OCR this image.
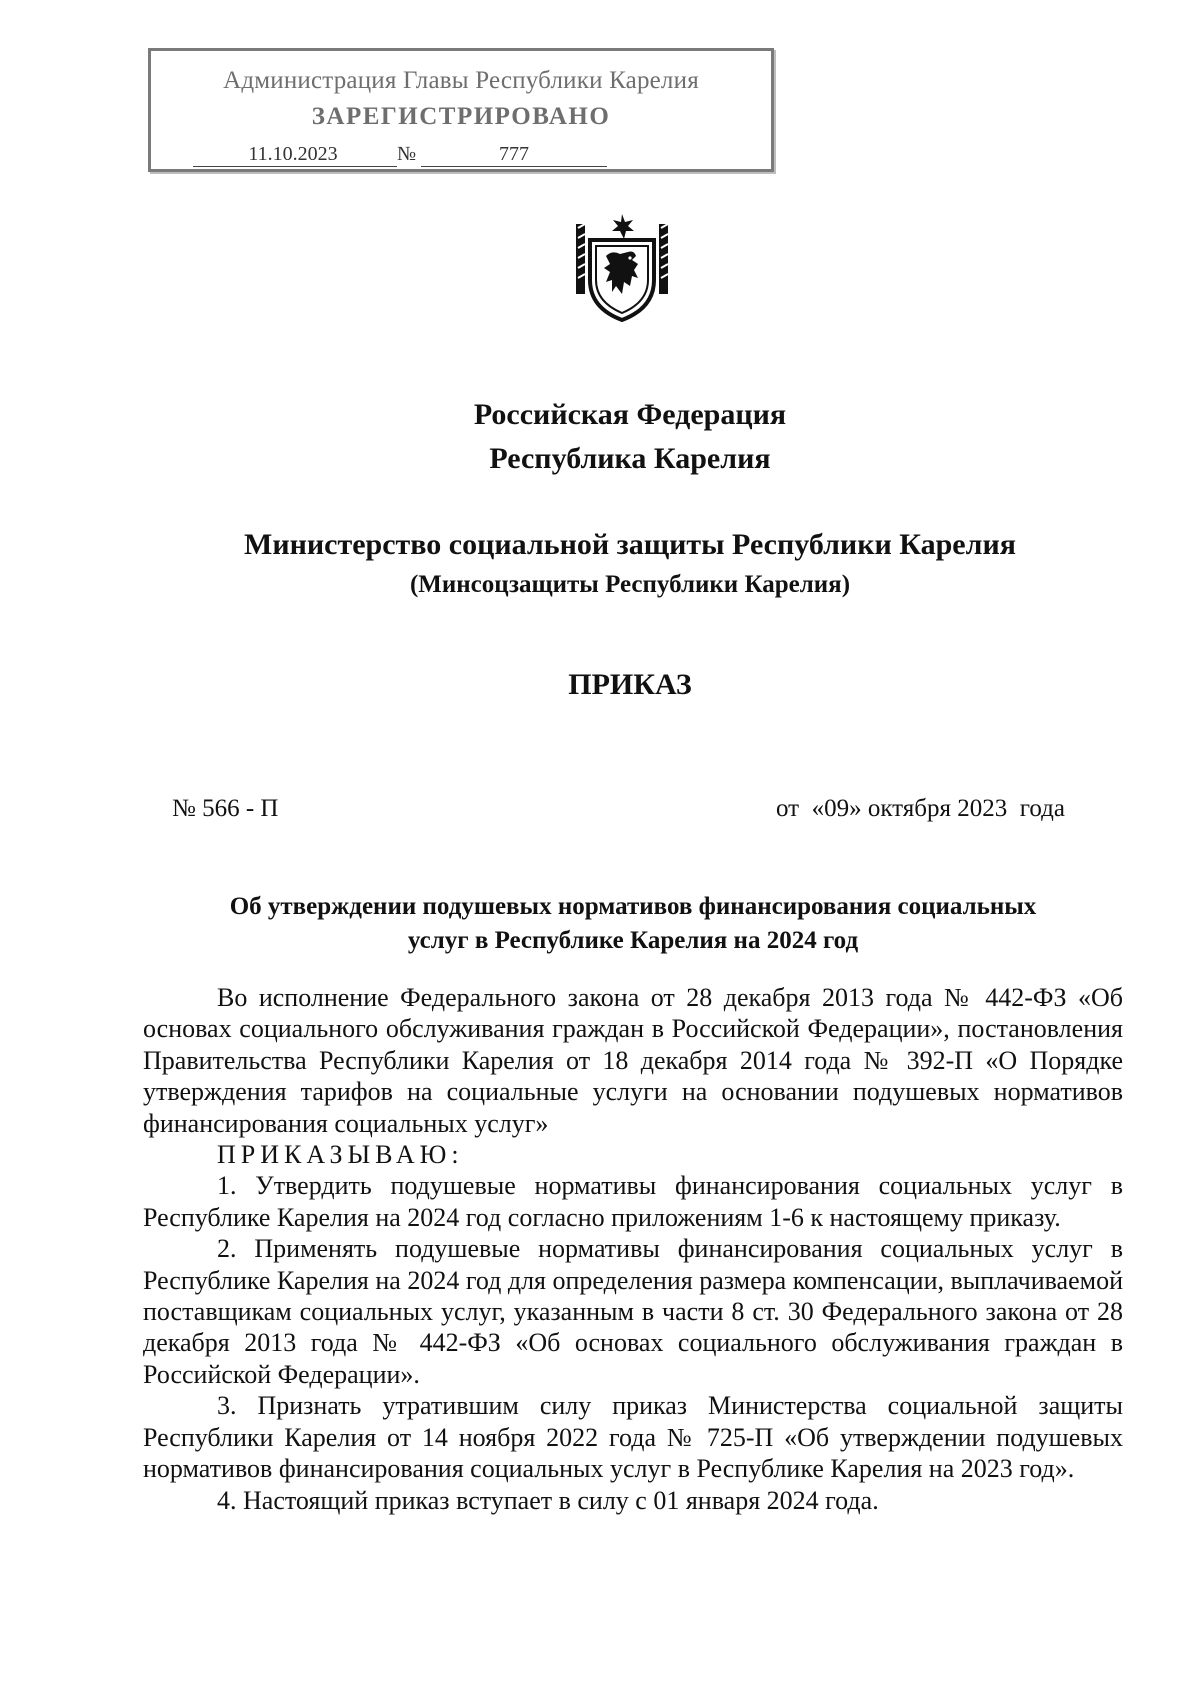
Администрация Главы Республики Карелия
ЗАРЕГИСТРИРОВАНО
11.10.2023
	№	777
Российская Федерация
Республика Карелия
Министерство социальной защиты Республики Карелия
(Минсоцзащиты Республики Карелия)
ПРИКАЗ
№ 566 - П	от  «09» октября 2023  года
Об утверждении подушевых нормативов финансирования социальных
услуг в Республике Карелия на 2024 год

Во исполнение Федерального закона от 28 декабря 2013 года № 442-ФЗ «Об основах социального обслуживания граждан в Российской Федерации», постановления Правительства Республики Карелия от 18 декабря 2014 года № 392-П «О Порядке утверждения тарифов на социальные услуги на основании подушевых нормативов финансирования социальных услуг»

ПРИКАЗЫВАЮ:

1. Утвердить подушевые нормативы финансирования социальных услуг в Республике Карелия на 2024 год согласно приложениям 1-6 к настоящему приказу.

2. Применять подушевые нормативы финансирования социальных услуг в Республике Карелия на 2024 год для определения размера компенсации, выплачиваемой поставщикам социальных услуг, указанным в части 8 ст. 30 Федерального закона от 28 декабря 2013 года № 442-ФЗ «Об основах социального обслуживания граждан в Российской Федерации».

3. Признать утратившим силу приказ Министерства социальной защиты Республики Карелия от 14 ноября 2022 года № 725-П «Об утверждении подушевых нормативов финансирования социальных услуг в Республике Карелия на 2023 год».

4. Настоящий приказ вступает в силу с 01 января 2024 года.
